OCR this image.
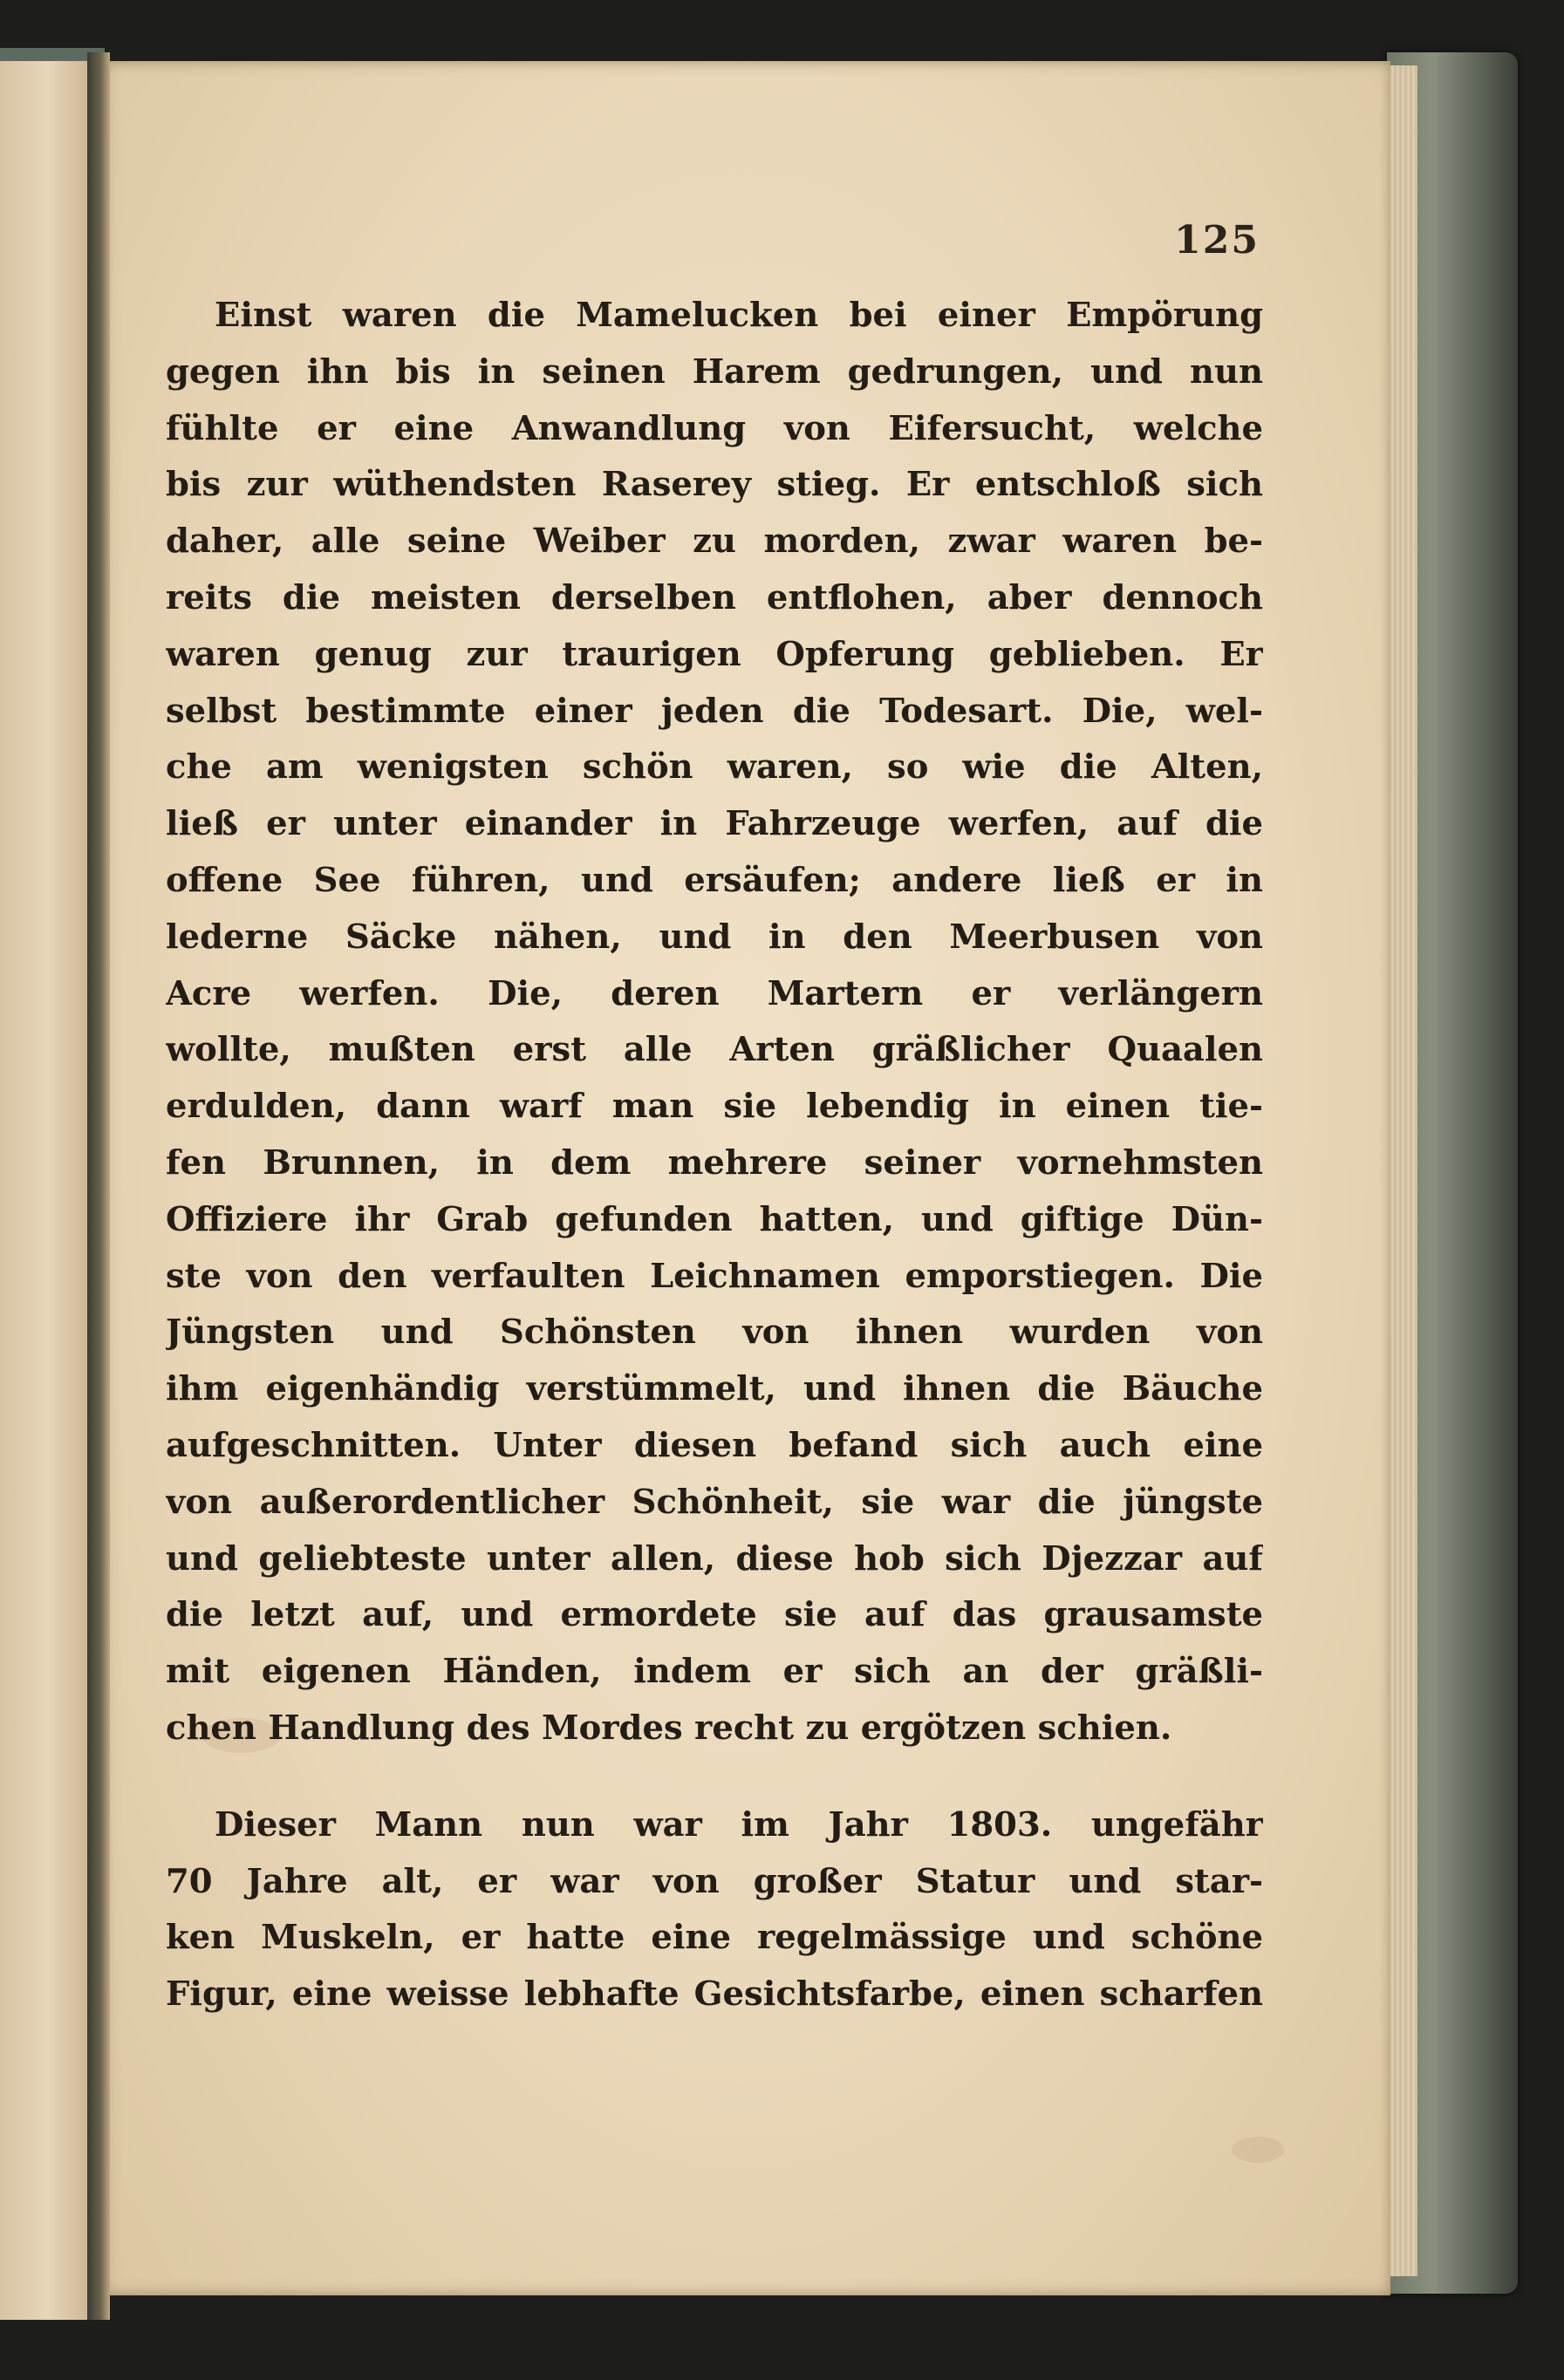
125
Einst waren die Mamelucken bei einer Empörung
gegen ihn bis in seinen Harem gedrungen, und nun
fühlte er eine Anwandlung von Eifersucht, welche
bis zur wüthendsten Raserey stieg. Er entschloß sich
daher, alle seine Weiber zu morden, zwar waren be-
reits die meisten derselben entflohen, aber dennoch
waren genug zur traurigen Opferung geblieben. Er
selbst bestimmte einer jeden die Todesart. Die, wel-
che am wenigsten schön waren, so wie die Alten,
ließ er unter einander in Fahrzeuge werfen, auf die
offene See führen, und ersäufen; andere ließ er in
lederne Säcke nähen, und in den Meerbusen von
Acre werfen. Die, deren Martern er verlängern
wollte, mußten erst alle Arten gräßlicher Quaalen
erdulden, dann warf man sie lebendig in einen tie-
fen Brunnen, in dem mehrere seiner vornehmsten
Offiziere ihr Grab gefunden hatten, und giftige Dün-
ste von den verfaulten Leichnamen emporstiegen. Die
Jüngsten und Schönsten von ihnen wurden von
ihm eigenhändig verstümmelt, und ihnen die Bäuche
aufgeschnitten. Unter diesen befand sich auch eine
von außerordentlicher Schönheit, sie war die jüngste
und geliebteste unter allen, diese hob sich Djezzar auf
die letzt auf, und ermordete sie auf das grausamste
mit eigenen Händen, indem er sich an der gräßli-
chen Handlung des Mordes recht zu ergötzen schien.
Dieser Mann nun war im Jahr 1803. ungefähr
70 Jahre alt, er war von großer Statur und star-
ken Muskeln, er hatte eine regelmässige und schöne
Figur, eine weisse lebhafte Gesichtsfarbe, einen scharfen
